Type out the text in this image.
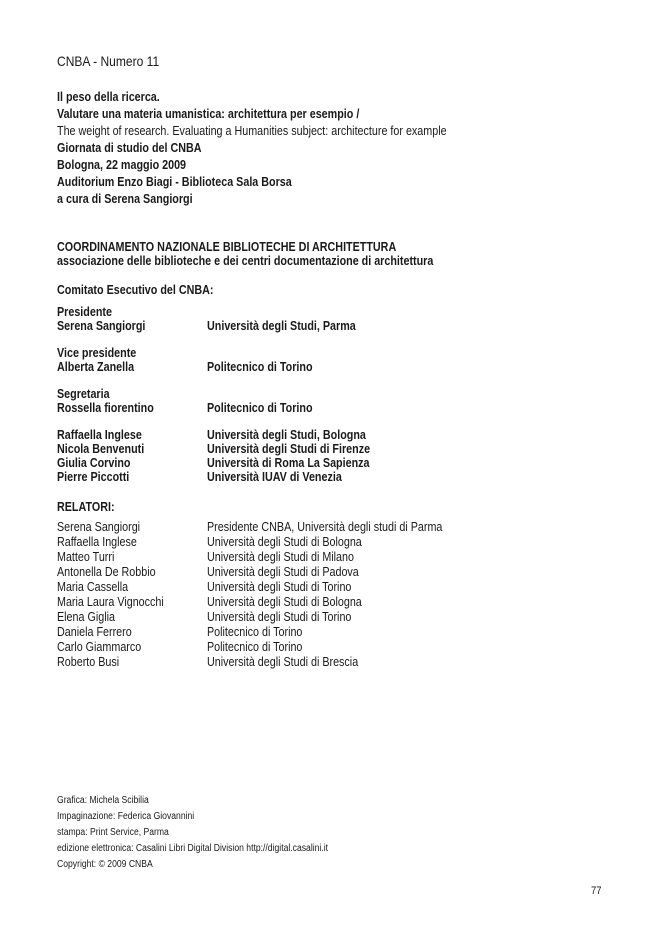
CNBA - Numero 11
Il peso della ricerca.
Valutare una materia umanistica: architettura per esempio /
The weight of research. Evaluating a Humanities subject: architecture for example
Giornata di studio del CNBA
Bologna, 22 maggio 2009
Auditorium Enzo Biagi - Biblioteca Sala Borsa
a cura di Serena Sangiorgi
COORDINAMENTO NAZIONALE BIBLIOTECHE DI ARCHITETTURA
associazione delle biblioteche e dei centri documentazione di architettura
Comitato Esecutivo del CNBA:
Presidente
Serena Sangiorgi	Università degli Studi, Parma
Vice presidente
Alberta Zanella	Politecnico di Torino
Segretaria
Rossella fiorentino	Politecnico di Torino
Raffaella Inglese	Università degli Studi, Bologna
Nicola Benvenuti	Università degli Studi di Firenze
Giulia Corvino	Università di Roma La Sapienza
Pierre Piccotti	Università IUAV di Venezia
RELATORI:
Serena Sangiorgi	Presidente CNBA, Università degli studi di Parma
Raffaella Inglese	Università degli Studi di Bologna
Matteo Turri	Università degli Studi di Milano
Antonella De Robbio	Università degli Studi di Padova
Maria Cassella	Università degli Studi di Torino
Maria Laura Vignocchi	Università degli Studi di Bologna
Elena Giglia	Università degli Studi di Torino
Daniela Ferrero	Politecnico di Torino
Carlo Giammarco	Politecnico di Torino
Roberto Busi	Università degli Studi di Brescia
Grafica: Michela Scibilia
Impaginazione: Federica Giovannini
stampa: Print Service, Parma
edizione elettronica: Casalini Libri Digital Division http://digital.casalini.it
Copyright: © 2009 CNBA
77
